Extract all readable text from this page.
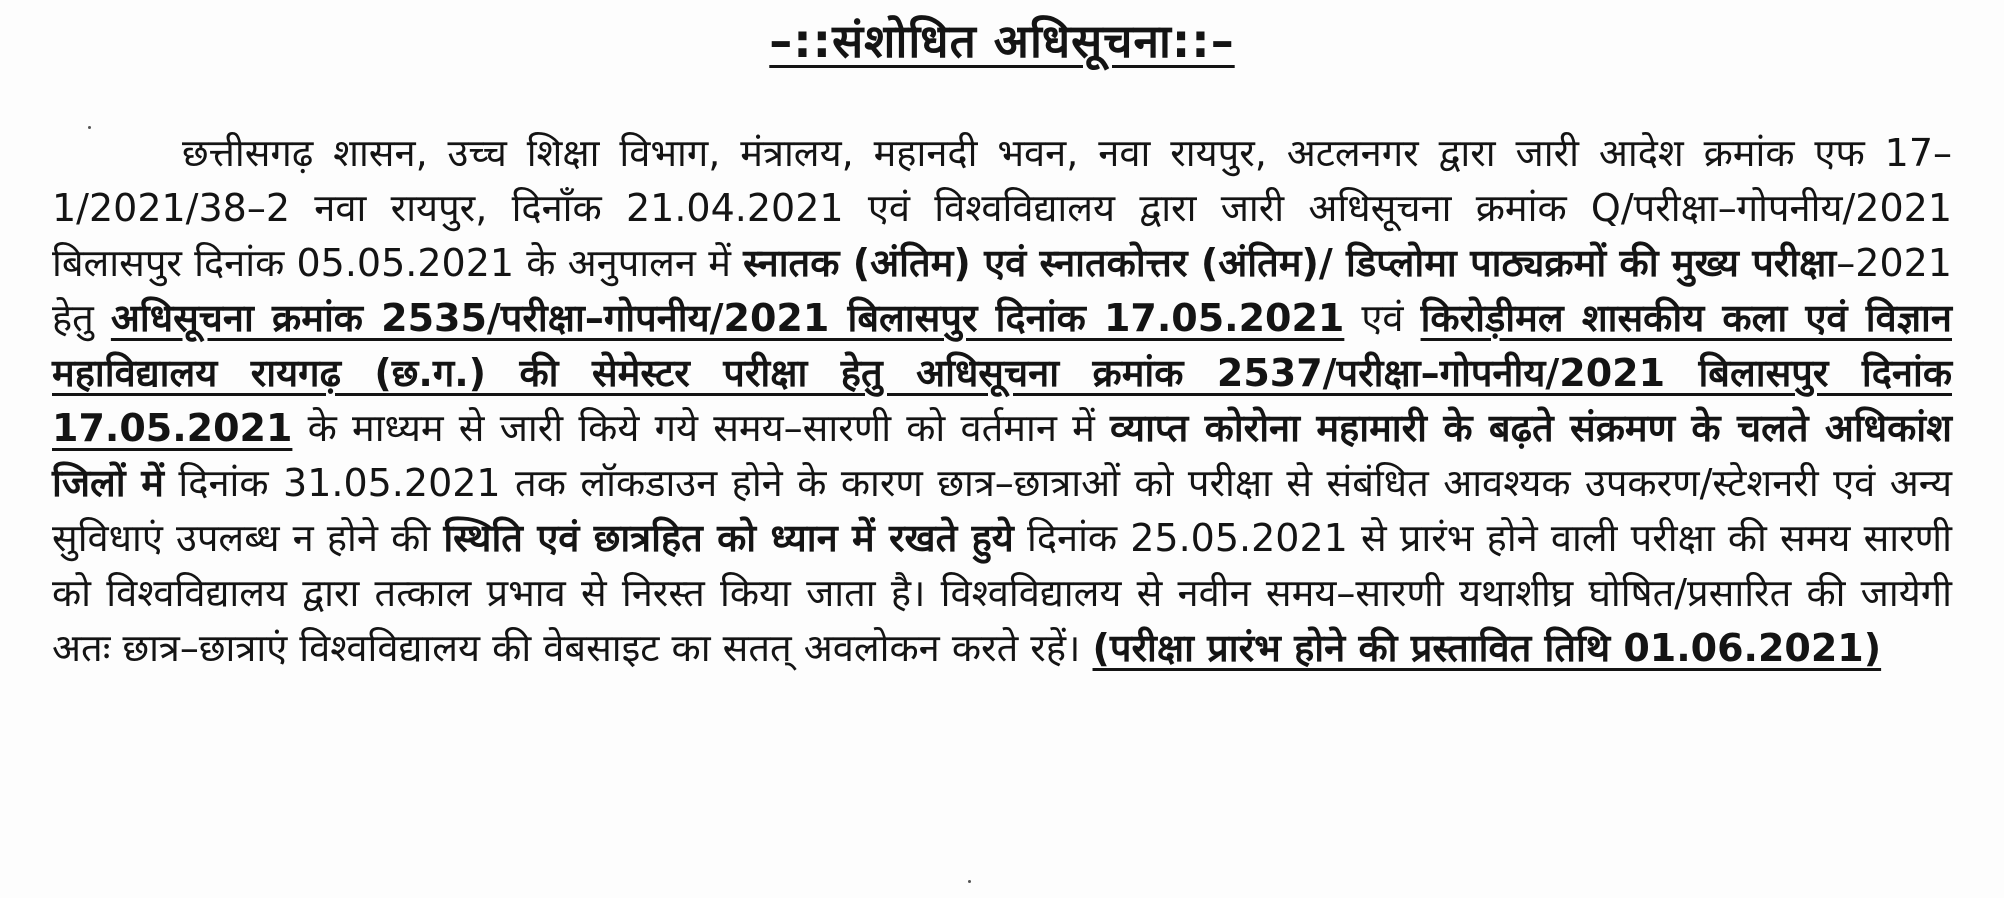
–::संशोधित अधिसूचना::–

छत्तीसगढ़ शासन, उच्च शिक्षा विभाग, मंत्रालय, महानदी भवन, नवा रायपुर, अटलनगर द्वारा जारी आदेश क्रमांक एफ 17–1/2021/38–2 नवा रायपुर, दिनाँक 21.04.2021 एवं विश्वविद्यालय द्वारा जारी अधिसूचना क्रमांक Q/परीक्षा–गोपनीय/2021 बिलासपुर दिनांक 05.05.2021 के अनुपालन में स्नातक (अंतिम) एवं स्नातकोत्तर (अंतिम)/ डिप्लोमा पाठ्यक्रमों की मुख्य परीक्षा–2021 हेतु अधिसूचना क्रमांक 2535/परीक्षा–गोपनीय/2021 बिलासपुर दिनांक 17.05.2021 एवं किरोड़ीमल शासकीय कला एवं विज्ञान महाविद्यालय रायगढ़ (छ.ग.) की सेमेस्टर परीक्षा हेतु अधिसूचना क्रमांक 2537/परीक्षा–गोपनीय/2021 बिलासपुर दिनांक 17.05.2021 के माध्यम से जारी किये गये समय–सारणी को वर्तमान में व्याप्त कोरोना महामारी के बढ़ते संक्रमण के चलते अधिकांश जिलों में दिनांक 31.05.2021 तक लॉकडाउन होने के कारण छात्र–छात्राओं को परीक्षा से संबंधित आवश्यक उपकरण/स्टेशनरी एवं अन्य सुविधाएं उपलब्ध न होने की स्थिति एवं छात्रहित को ध्यान में रखते हुये दिनांक 25.05.2021 से प्रारंभ होने वाली परीक्षा की समय सारणी को विश्वविद्यालय द्वारा तत्काल प्रभाव से निरस्त किया जाता है। विश्वविद्यालय से नवीन समय–सारणी यथाशीघ्र घोषित/प्रसारित की जायेगी अतः छात्र–छात्राएं विश्वविद्यालय की वेबसाइट का सतत् अवलोकन करते रहें। (परीक्षा प्रारंभ होने की प्रस्तावित तिथि 01.06.2021)
